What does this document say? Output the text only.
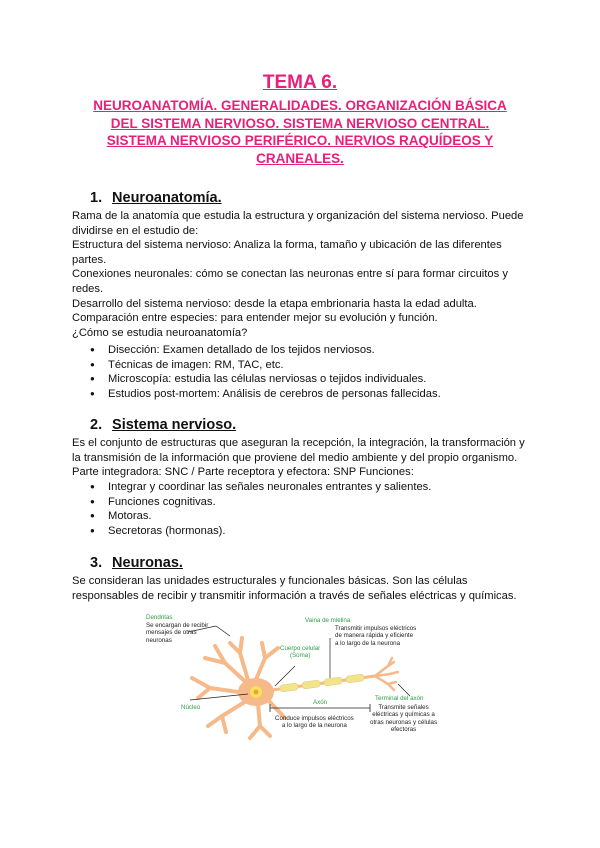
TEMA 6.
NEUROANATOMÍA. GENERALIDADES. ORGANIZACIÓN BÁSICA
DEL SISTEMA NERVIOSO. SISTEMA NERVIOSO CENTRAL.
SISTEMA NERVIOSO PERIFÉRICO. NERVIOS RAQUÍDEOS Y
CRANEALES.
1. Neuroanatomía.
Rama de la anatomía que estudia la estructura y organización del sistema nervioso. Puede
dividirse en el estudio de:
Estructura del sistema nervioso: Analiza la forma, tamaño y ubicación de las diferentes
partes.
Conexiones neuronales: cómo se conectan las neuronas entre sí para formar circuitos y
redes.
Desarrollo del sistema nervioso: desde la etapa embrionaria hasta la edad adulta.
Comparación entre especies: para entender mejor su evolución y función.
¿Cómo se estudia neuroanatomía?
● Disección: Examen detallado de los tejidos nerviosos.
● Técnicas de imagen: RM, TAC, etc.
● Microscopía: estudia las células nerviosas o tejidos individuales.
● Estudios post-mortem: Análisis de cerebros de personas fallecidas.
2. Sistema nervioso.
Es el conjunto de estructuras que aseguran la recepción, la integración, la transformación y
la transmisión de la información que proviene del medio ambiente y del propio organismo.
Parte integradora: SNC / Parte receptora y efectora: SNP Funciones:
● Integrar y coordinar las señales neuronales entrantes y salientes.
● Funciones cognitivas.
● Motoras.
● Secretoras (hormonas).
3. Neuronas.
Se consideran las unidades estructurales y funcionales básicas. Son las células
responsables de recibir y transmitir información a través de señales eléctricas y químicas.
Dendritas
Se encargan de recibir
mensajes de otras
neuronas
Vaina de mielina
Transmitir impulsos eléctricos
de manera rápida y eficiente
a lo largo de la neurona
Cuerpo celular
(Soma)
Núcleo
Axón
Conduce impulsos eléctricos
a lo largo de la neurona
Terminal del axón
Transmite señales
eléctricas y químicas a
otras neuronas y células
efectoras
